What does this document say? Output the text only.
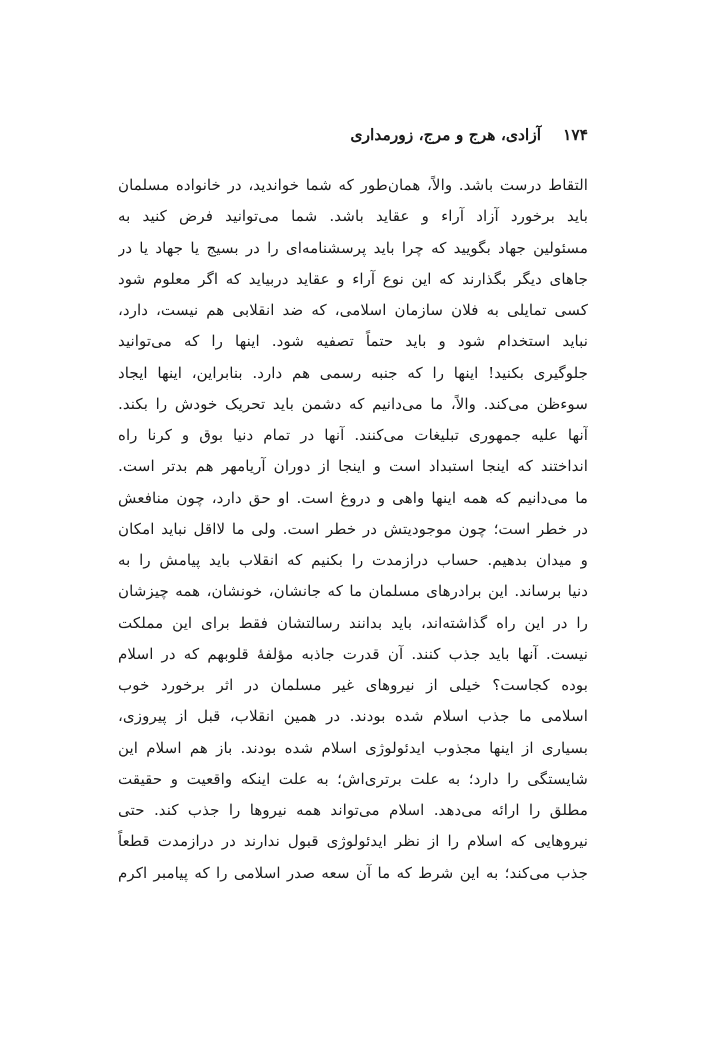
۱۷۴
آزادی، هرج و مرج، زورمداری
التقاط درست باشد. والاً، همان‌طور که شما خواندید، در خانواده مسلمان
باید برخورد آزاد آراء و عقاید باشد. شما می‌توانید فرض کنید به
مسئولین جهاد بگویید که چرا باید پرسشنامه‌ای را در بسیج یا جهاد یا در
جاهای دیگر بگذارند که این نوع آراء و عقاید دربیاید که اگر معلوم شود
کسی تمایلی به فلان سازمان اسلامی، که ضد انقلابی هم نیست، دارد،
نباید استخدام شود و باید حتماً تصفیه شود. اینها را که می‌توانید
جلوگیری بکنید! اینها را که جنبه رسمی هم دارد. بنابراین، اینها ایجاد
سوءظن می‌کند. والاً، ما می‌دانیم که دشمن باید تحریک خودش را بکند.
آنها علیه جمهوری تبلیغات می‌کنند. آنها در تمام دنیا بوق و کرنا راه
انداختند که اینجا استبداد است و اینجا از دوران آریامهر هم بدتر است.
ما می‌دانیم که همه اینها واهی و دروغ است. او حق دارد، چون منافعش
در خطر است؛ چون موجودیتش در خطر است. ولی ما لااقل نباید امکان
و میدان بدهیم. حساب درازمدت را بکنیم که انقلاب باید پیامش را به
دنیا برساند. این برادرهای مسلمان ما که جانشان، خونشان، همه چیزشان
را در این راه گذاشته‌اند، باید بدانند رسالتشان فقط برای این مملکت
نیست. آنها باید جذب کنند. آن قدرت جاذبه مؤلفهٔ قلوبهم که در اسلام
بوده کجاست؟ خیلی از نیروهای غیر مسلمان در اثر برخورد خوب
اسلامی ما جذب اسلام شده بودند. در همین انقلاب، قبل از پیروزی،
بسیاری از اینها مجذوب ایدئولوژی اسلام شده بودند. باز هم اسلام این
شایستگی را دارد؛ به علت برتری‌اش؛ به علت اینکه واقعیت و حقیقت
مطلق را ارائه می‌دهد. اسلام می‌تواند همه نیروها را جذب کند. حتی
نیروهایی که اسلام را از نظر ایدئولوژی قبول ندارند در درازمدت قطعاً
جذب می‌کند؛ به این شرط که ما آن سعه صدر اسلامی را که پیامبر اکرم
